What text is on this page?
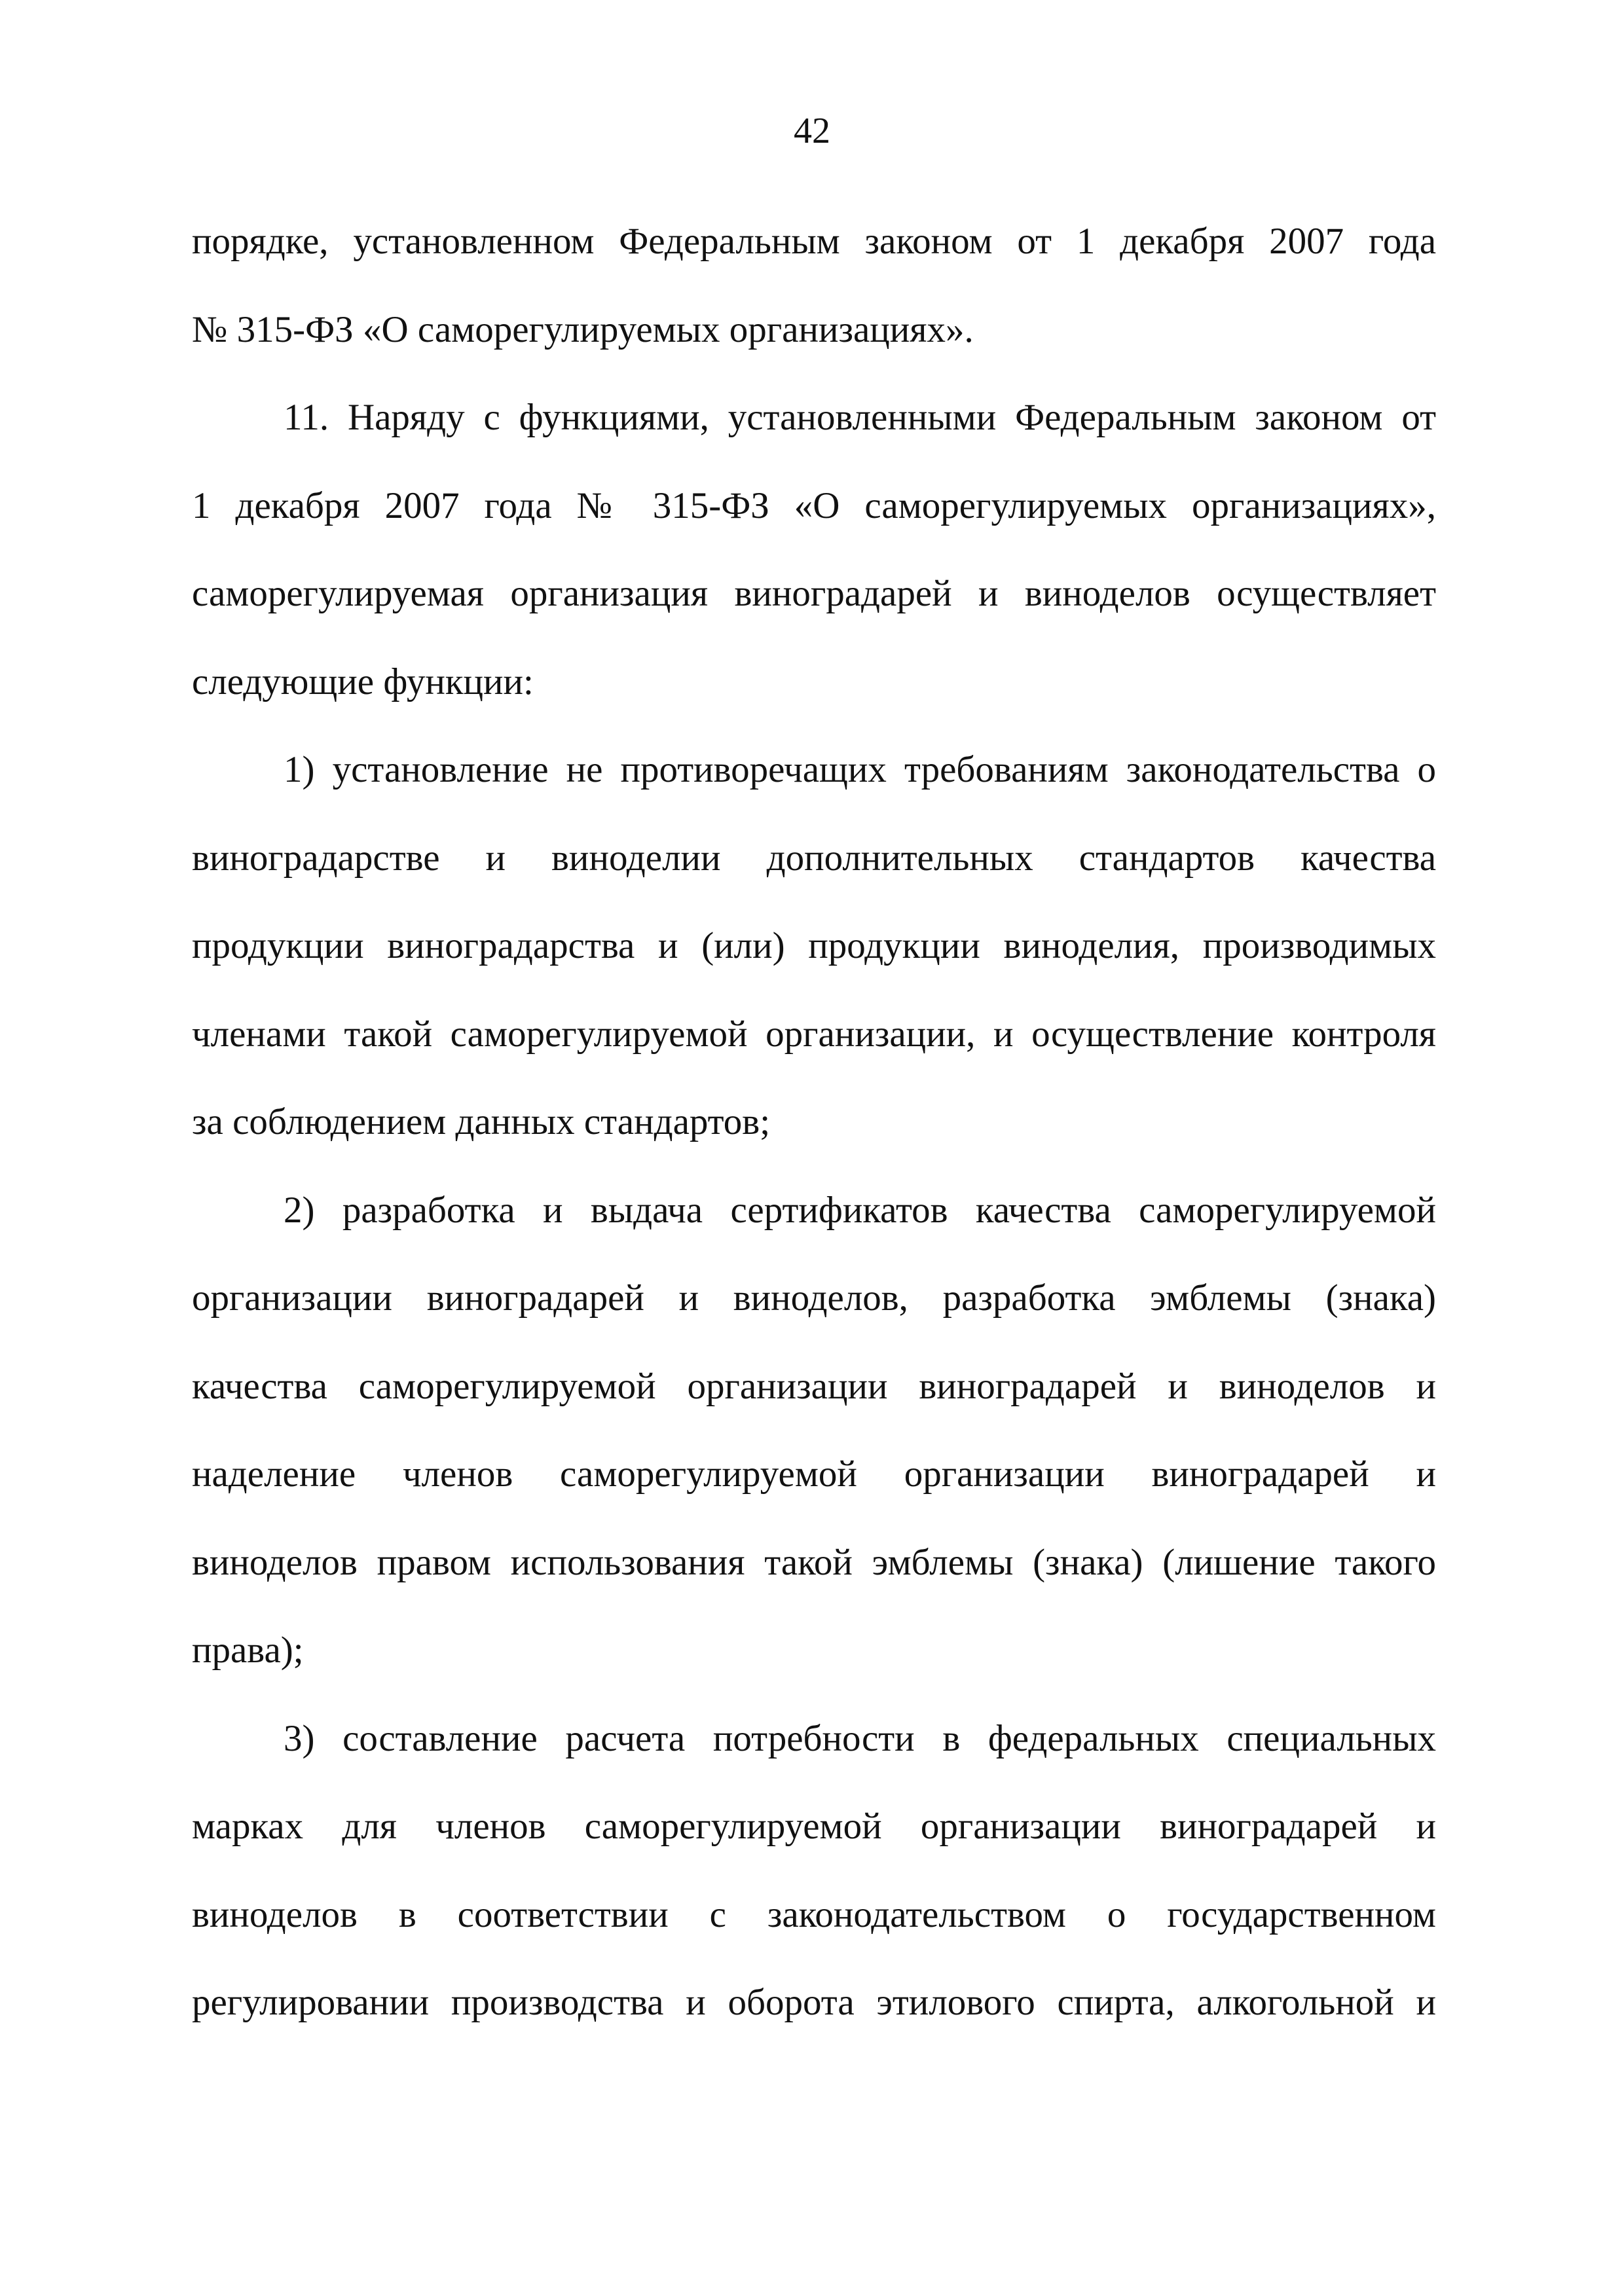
42
порядке, установленном Федеральным законом от 1 декабря 2007 года
№ 315-ФЗ «О саморегулируемых организациях».
11. Наряду с функциями, установленными Федеральным законом от
1 декабря 2007 года № 315-ФЗ «О саморегулируемых организациях»,
саморегулируемая организация виноградарей и виноделов осуществляет
следующие функции:
1) установление не противоречащих требованиям законодательства о
виноградарстве и виноделии дополнительных стандартов качества
продукции виноградарства и (или) продукции виноделия, производимых
членами такой саморегулируемой организации, и осуществление контроля
за соблюдением данных стандартов;
2) разработка и выдача сертификатов качества саморегулируемой
организации виноградарей и виноделов, разработка эмблемы (знака)
качества саморегулируемой организации виноградарей и виноделов и
наделение членов саморегулируемой организации виноградарей и
виноделов правом использования такой эмблемы (знака) (лишение такого
права);
3) составление расчета потребности в федеральных специальных
марках для членов саморегулируемой организации виноградарей и
виноделов в соответствии с законодательством о государственном
регулировании производства и оборота этилового спирта, алкогольной и
